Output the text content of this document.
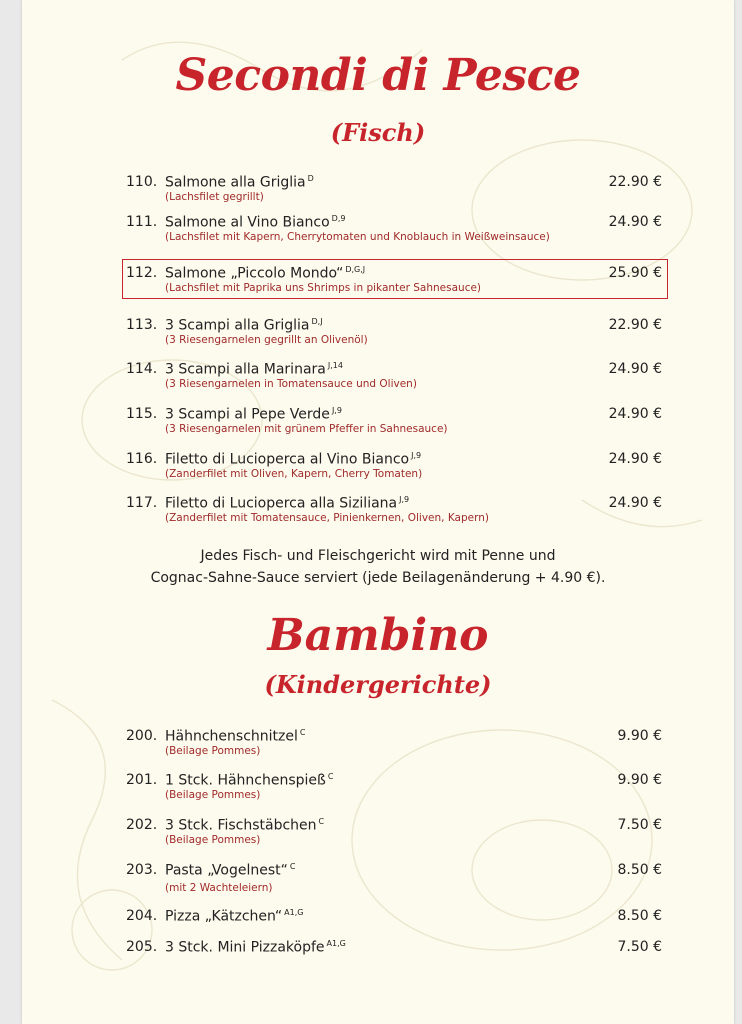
Secondi di Pesce
(Fisch)
110. Salmone alla Griglia $^D$
(Lachsfilet gegrillt)
22.90 €
111. Salmone al Vino Bianco $^{D,9}$
(Lachsfilet mit Kapern, Cherrytomaten und Knoblauch in Weißweinsauce)
24.90 €
112. Salmone „Piccolo Mondo“ $^{D,G,J}$
(Lachsfilet mit Paprika uns Shrimps in pikanter Sahnesauce)
25.90 €
113. 3 Scampi alla Griglia $^{D,J}$
(3 Riesengarnelen gegrillt an Olivenöl)
22.90 €
114. 3 Scampi alla Marinara $^{J,14}$
(3 Riesengarnelen in Tomatensauce und Oliven)
24.90 €
115. 3 Scampi al Pepe Verde $^{J,9}$
(3 Riesengarnelen mit grünem Pfeffer in Sahnesauce)
24.90 €
116. Filetto di Lucioperca al Vino Bianco $^{J,9}$
(Zanderfilet mit Oliven, Kapern, Cherry Tomaten)
24.90 €
117. Filetto di Lucioperca alla Siziliana $^{J,9}$
(Zanderfilet mit Tomatensauce, Pinienkernen, Oliven, Kapern)
24.90 €
Jedes Fisch- und Fleischgericht wird mit Penne und
Cognac-Sahne-Sauce serviert (jede Beilagenänderung + 4.90 €).
Bambino
(Kindergerichte)
200. Hähnchenschnitzel $^C$
(Beilage Pommes)
9.90 €
201. 1 Stck. Hähnchenspieß $^C$
(Beilage Pommes)
9.90 €
202. 3 Stck. Fischstäbchen $^C$
(Beilage Pommes)
7.50 €
203. Pasta „Vogelnest“ $^C$
(mit 2 Wachteleiern)
8.50 €
204. Pizza „Kätzchen“ $^{A1,G}$	8.50 €
205. 3 Stck. Mini Pizzaköpfe $^{A1,G}$	7.50 €
